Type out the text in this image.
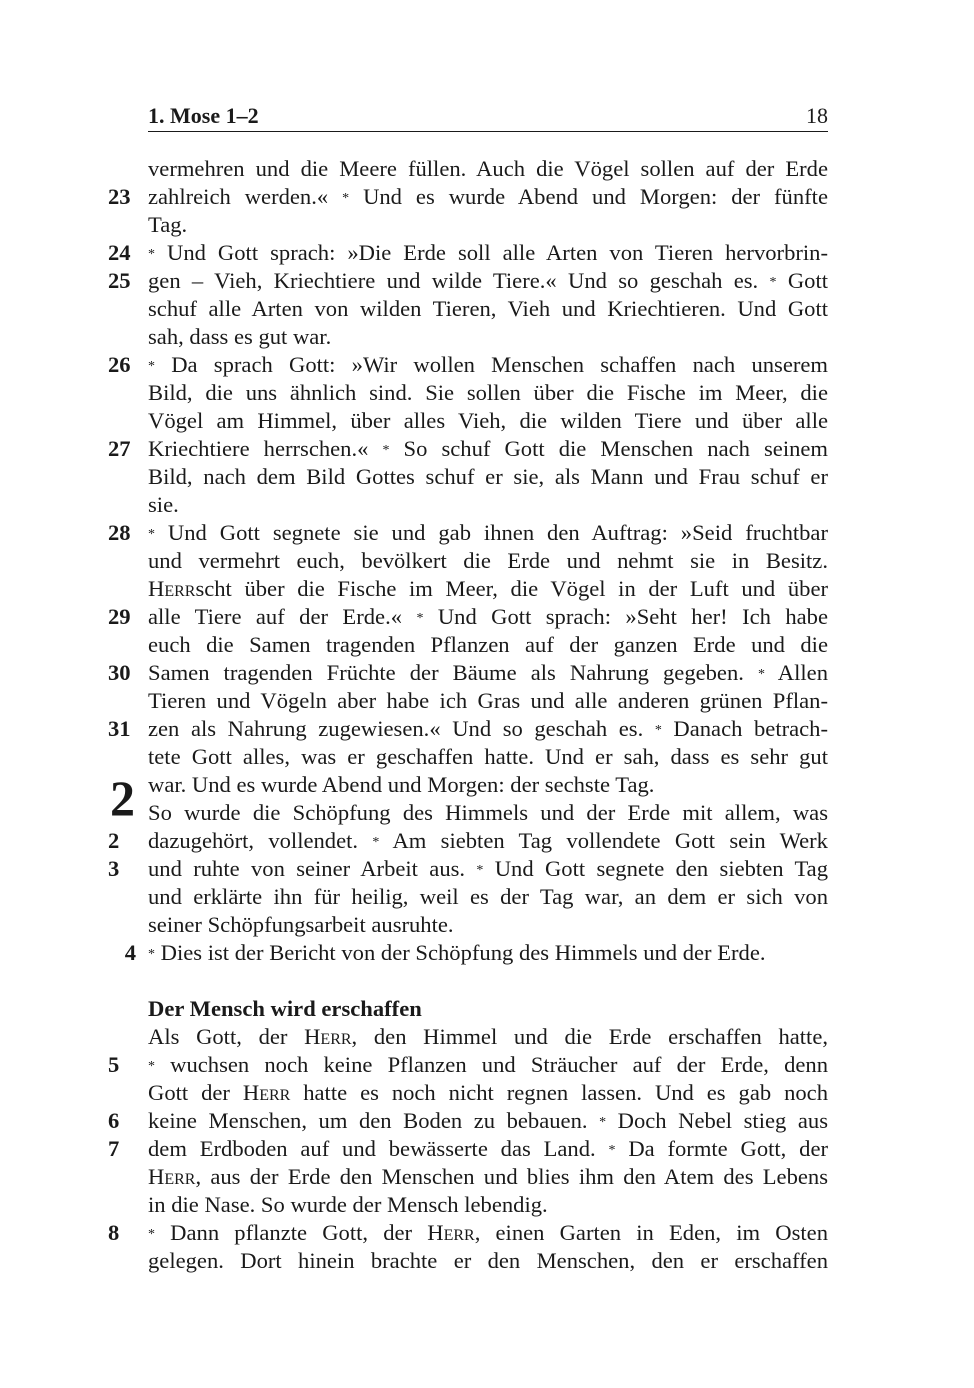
1. Mose 1–2	18
vermehren und die Meere füllen. Auch die Vögel sollen auf der Erde
23 zahlreich werden.« * Und es wurde Abend und Morgen: der fünfte
Tag.
24	* Und Gott sprach: »Die Erde soll alle Arten von Tieren hervorbrin-
25 gen – Vieh, Kriechtiere und wilde Tiere.« Und so geschah es. * Gott
schuf alle Arten von wilden Tieren, Vieh und Kriechtieren. Und Gott
sah, dass es gut war.
26	* Da sprach Gott: »Wir wollen Menschen schaffen nach unserem
Bild, die uns ähnlich sind. Sie sollen über die Fische im Meer, die
Vögel am Himmel, über alles Vieh, die wilden Tiere und über alle
27 Kriechtiere herrschen.« * So schuf Gott die Menschen nach seinem
Bild, nach dem Bild Gottes schuf er sie, als Mann und Frau schuf er
sie.
28	* Und Gott segnete sie und gab ihnen den Auftrag: »Seid fruchtbar
und vermehrt euch, bevölkert die Erde und nehmt sie in Besitz.
Herrscht über die Fische im Meer, die Vögel in der Luft und über
29 alle Tiere auf der Erde.« * Und Gott sprach: »Seht her! Ich habe
euch die Samen tragenden Pflanzen auf der ganzen Erde und die
30 Samen tragenden Früchte der Bäume als Nahrung gegeben. * Allen
Tieren und Vögeln aber habe ich Gras und alle anderen grünen Pflan-
31 zen als Nahrung zugewiesen.« Und so geschah es. * Danach betrach-
tete Gott alles, was er geschaffen hatte. Und er sah, dass es sehr gut
2 war. Und es wurde Abend und Morgen: der sechste Tag.
So wurde die Schöpfung des Himmels und der Erde mit allem, was
2	dazugehört, vollendet. * Am siebten Tag vollendete Gott sein Werk
3	und ruhte von seiner Arbeit aus. * Und Gott segnete den siebten Tag
und erklärte ihn für heilig, weil es der Tag war, an dem er sich von
seiner Schöpfungsarbeit ausruhte.
4 * Dies ist der Bericht von der Schöpfung des Himmels und der Erde.
Der Mensch wird erschaffen
Als Gott, der Herr, den Himmel und die Erde erschaffen hatte,
5	* wuchsen noch keine Pflanzen und Sträucher auf der Erde, denn
Gott der Herr hatte es noch nicht regnen lassen. Und es gab noch
6	keine Menschen, um den Boden zu bebauen. * Doch Nebel stieg aus
7	dem Erdboden auf und bewässerte das Land. * Da formte Gott, der
Herr, aus der Erde den Menschen und blies ihm den Atem des Lebens
in die Nase. So wurde der Mensch lebendig.
8	* Dann pflanzte Gott, der Herr, einen Garten in Eden, im Osten
gelegen. Dort hinein brachte er den Menschen, den er erschaffen
